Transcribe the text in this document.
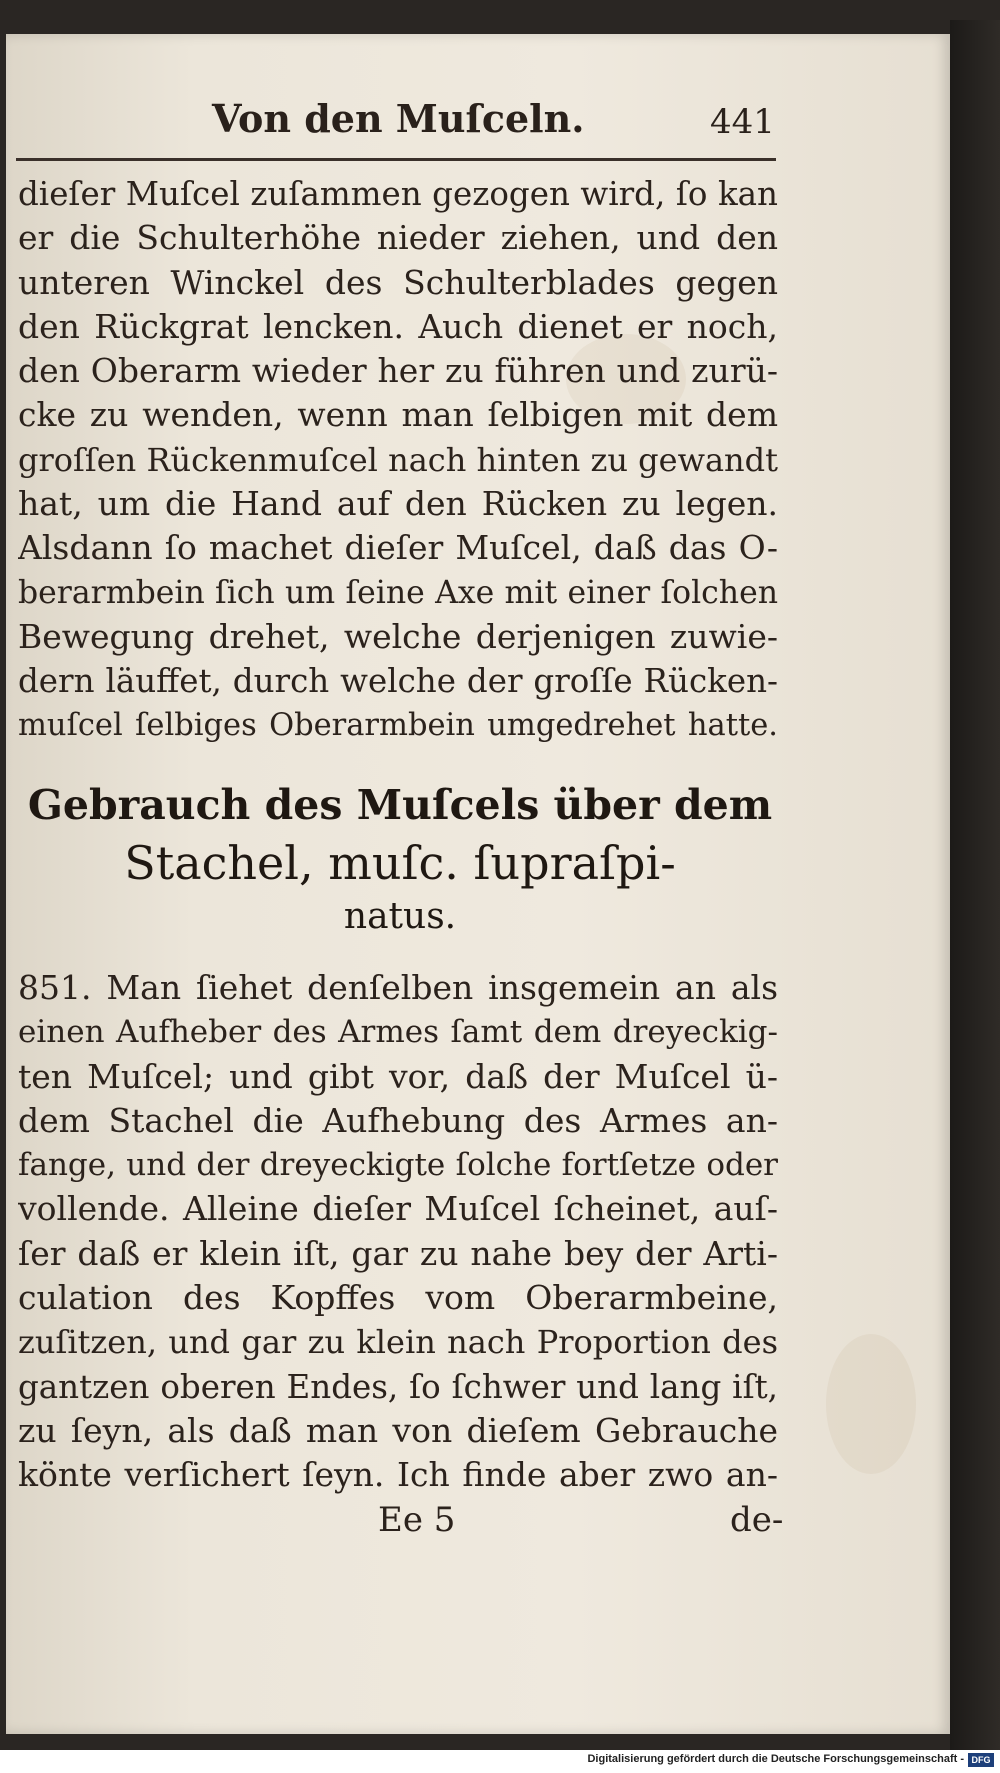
Von den Muſceln.	441
dieſer Muſcel zuſammen gezogen wird, ſo kan
er die Schulterhöhe nieder ziehen, und den
unteren Winckel des Schulterblades gegen
den Rückgrat lencken. Auch dienet er noch,
den Oberarm wieder her zu führen und zurü-
cke zu wenden, wenn man ſelbigen mit dem
groſſen Rückenmuſcel nach hinten zu gewandt
hat, um die Hand auf den Rücken zu legen.
Alsdann ſo machet dieſer Muſcel, daß das O-
berarmbein ſich um ſeine Axe mit einer ſolchen
Bewegung drehet, welche derjenigen zuwie-
dern läuffet, durch welche der groſſe Rücken-
muſcel ſelbiges Oberarmbein umgedrehet hatte.
Gebrauch des Muſcels über dem
Stachel, muſc. ſupraſpi-
natus.
851. Man ſiehet denſelben insgemein an als
einen Aufheber des Armes ſamt dem dreyeckig-
ten Muſcel; und gibt vor, daß der Muſcel ü-
dem Stachel die Aufhebung des Armes an-
fange, und der dreyeckigte ſolche fortſetze oder
vollende. Alleine dieſer Muſcel ſcheinet, auſ-
ſer daß er klein iſt, gar zu nahe bey der Arti-
culation des Kopffes vom Oberarmbeine,
zuſitzen, und gar zu klein nach Proportion des
gantzen oberen Endes, ſo ſchwer und lang iſt,
zu ſeyn, als daß man von dieſem Gebrauche
könte verſichert ſeyn. Ich finde aber zwo an-
Ee 5	de-
Digitalisierung gefördert durch die Deutsche Forschungsgemeinschaft - DFG
